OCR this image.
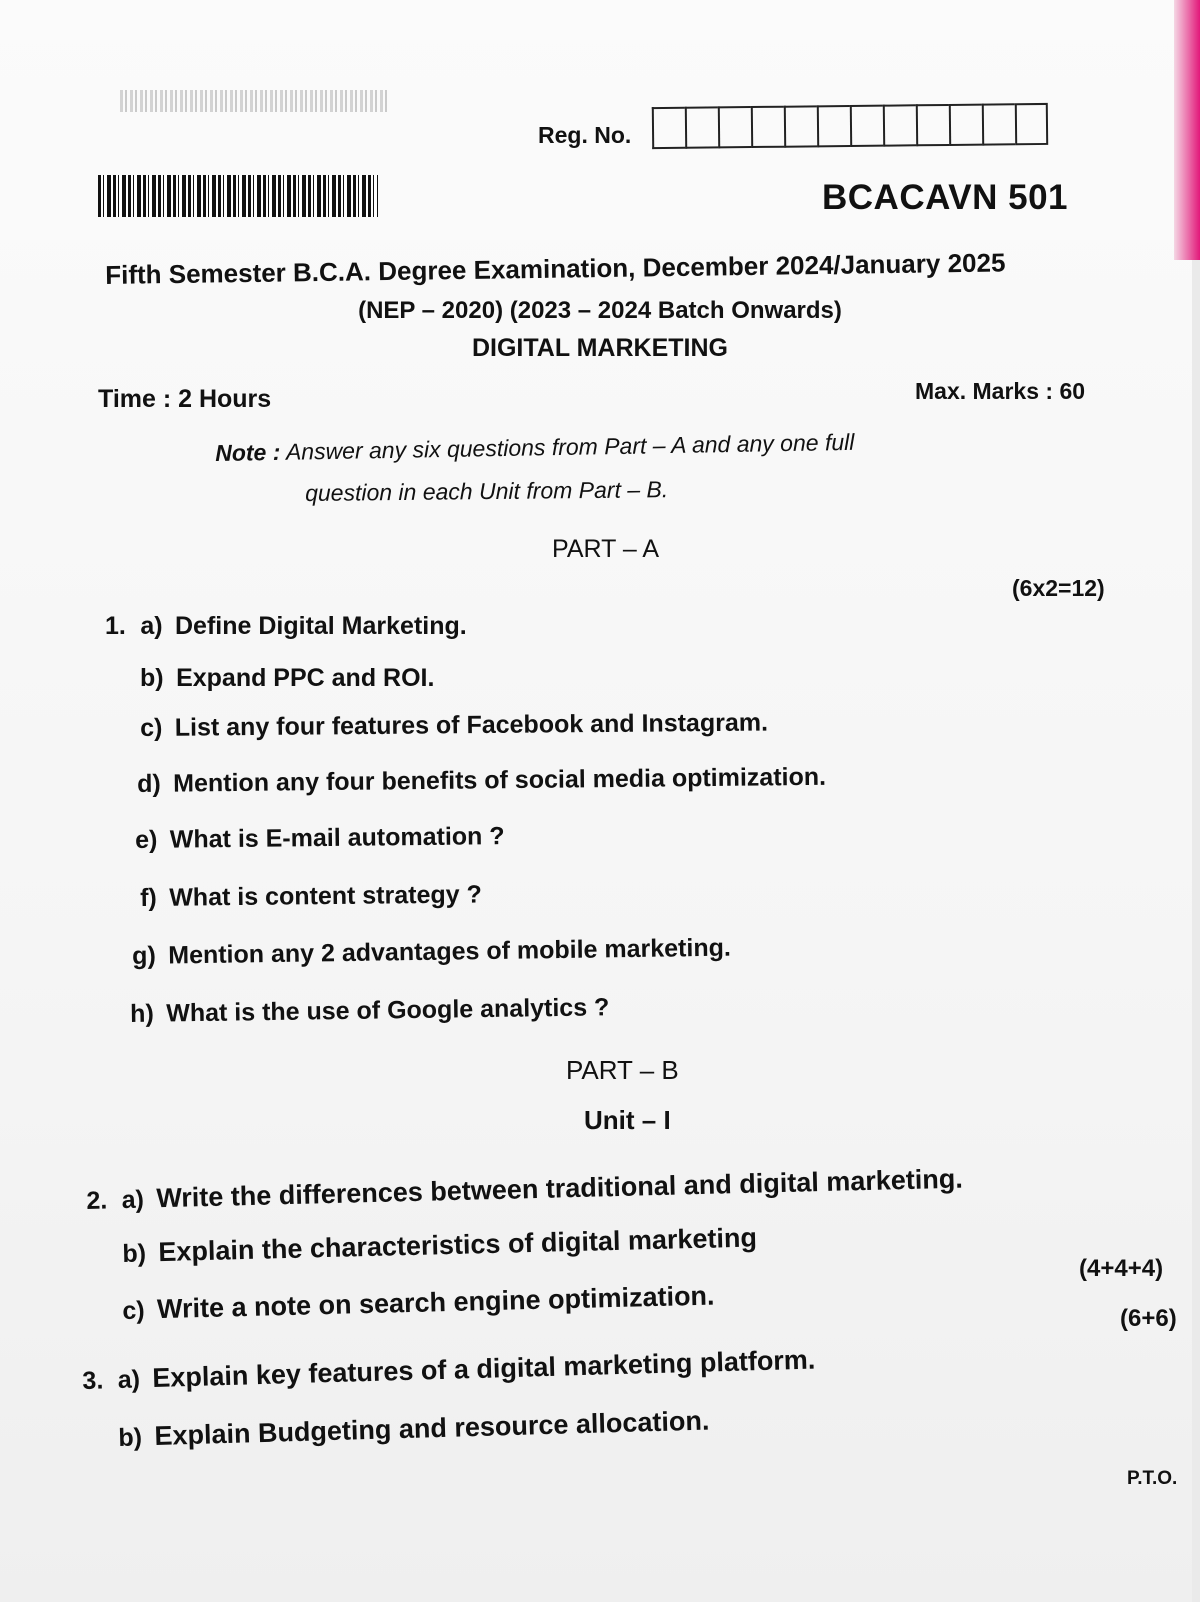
Reg. No.
BCACAVN 501
Fifth Semester B.C.A. Degree Examination, December 2024/January 2025
(NEP – 2020) (2023 – 2024 Batch Onwards)
DIGITAL MARKETING
Time : 2 Hours	Max. Marks : 60
Note : Answer any six questions from Part – A and any one full
question in each Unit from Part – B.
PART – A
(6x2=12)
1. a) Define Digital Marketing.
b) Expand PPC and ROI.
c) List any four features of Facebook and Instagram.
d) Mention any four benefits of social media optimization.
e) What is E-mail automation ?
f) What is content strategy ?
g) Mention any 2 advantages of mobile marketing.
h) What is the use of Google analytics ?
PART – B
Unit – I
2. a) Write the differences between traditional and digital marketing.
b) Explain the characteristics of digital marketing
c) Write a note on search engine optimization.
(4+4+4)
3. a) Explain key features of a digital marketing platform.
b) Explain Budgeting and resource allocation.
(6+6)
P.T.O.
